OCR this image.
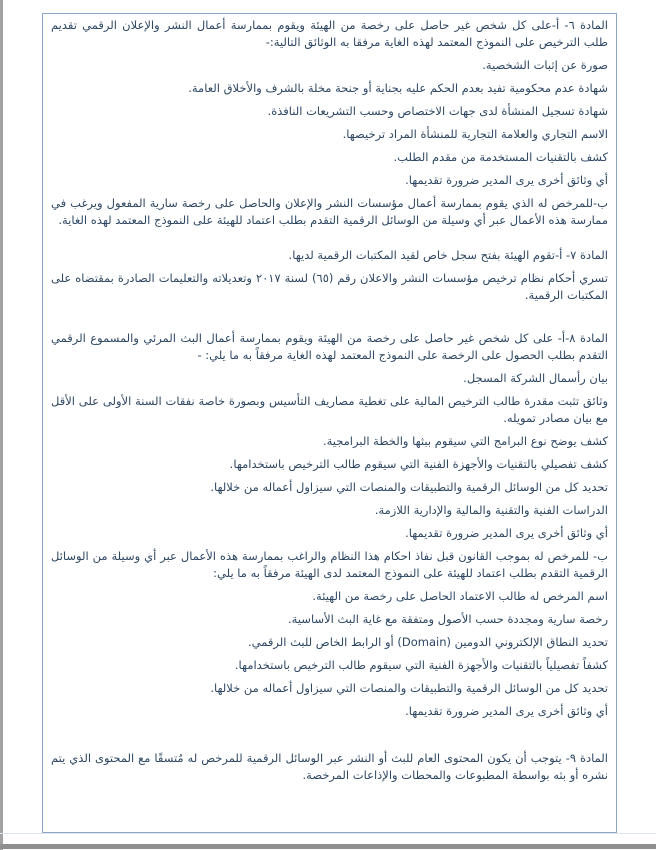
المادة ٦- أ-على كل شخص غير حاصل على رخصة من الهيئة ويقوم بممارسة أعمال النشر والإعلان الرقمي تقديم طلب الترخيص على النموذج المعتمد لهذه الغاية مرفقا به الوثائق التالية:-

صورة عن إثبات الشخصية.

شهادة عدم محكومية تفيد بعدم الحكم عليه بجناية أو جنحة مخلة بالشرف والأخلاق العامة.

شهادة تسجيل المنشأة لدى جهات الاختصاص وحسب التشريعات النافذة.

الاسم التجاري والعلامة التجارية للمنشأة المراد ترخيصها.

كشف بالتقنيات المستخدمة من مقدم الطلب.

أي وثائق أخرى يرى المدير ضرورة تقديمها.

ب-للمرخص له الذي يقوم بممارسة أعمال مؤسسات النشر والإعلان والحاصل على رخصة سارية المفعول ويرغب في ممارسة هذه الأعمال عبر أي وسيلة من الوسائل الرقمية التقدم بطلب اعتماد للهيئة على النموذج المعتمد لهذه الغاية.

المادة ٧- أ-تقوم الهيئة بفتح سجل خاص لقيد المكتبات الرقمية لديها.

تسري أحكام نظام ترخيص مؤسسات النشر والاعلان رقم (٦٥) لسنة ٢٠١٧ وتعديلاته والتعليمات الصادرة بمقتضاه على المكتبات الرقمية.

المادة ٨-أ- على كل شخص غير حاصل على رخصة من الهيئة ويقوم بممارسة أعمال البث المرئي والمسموع الرقمي التقدم بطلب الحصول على الرخصة على النموذج المعتمد لهذه الغاية مرفقاً به ما يلي: -

بيان رأسمال الشركة المسجل.

وثائق تثبت مقدرة طالب الترخيص المالية على تغطية مصاريف التأسيس وبصورة خاصة نفقات السنة الأولى على الأقل مع بيان مصادر تمويله.

كشف يوضح نوع البرامج التي سيقوم ببثها والخطة البرامجية.

كشف تفصيلي بالتقنيات والأجهزة الفنية التي سيقوم طالب الترخيص باستخدامها.

تحديد كل من الوسائل الرقمية والتطبيقات والمنصات التي سيزاول أعماله من خلالها.

الدراسات الفنية والتقنية والمالية والإدارية اللازمة.

أي وثائق أخرى يرى المدير ضرورة تقديمها.

ب- للمرخص له بموجب القانون قبل نفاذ احكام هذا النظام والراغب بممارسة هذه الأعمال عبر أي وسيلة من الوسائل الرقمية التقدم بطلب اعتماد للهيئة على النموذج المعتمد لدى الهيئة مرفقاً به ما يلي:

اسم المرخص له طالب الاعتماد الحاصل على رخصة من الهيئة.

رخصة سارية ومجددة حسب الأصول ومتفقة مع غاية البث الأساسية.

تحديد النطاق الإلكتروني الدومين (Domain) أو الرابط الخاص للبث الرقمي.

كشفاً تفصيلياً بالتقنيات والأجهزة الفنية التي سيقوم طالب الترخيص باستخدامها.

تحديد كل من الوسائل الرقمية والتطبيقات والمنصات التي سيزاول أعماله من خلالها.

أي وثائق أخرى يرى المدير ضرورة تقديمها.

المادة ٩- يتوجب أن يكون المحتوى العام للبث أو النشر عبر الوسائل الرقمية للمرخص له مُتسقًا مع المحتوى الذي يتم نشره أو بثه بواسطة المطبوعات والمحطات والإذاعات المرخصة.
